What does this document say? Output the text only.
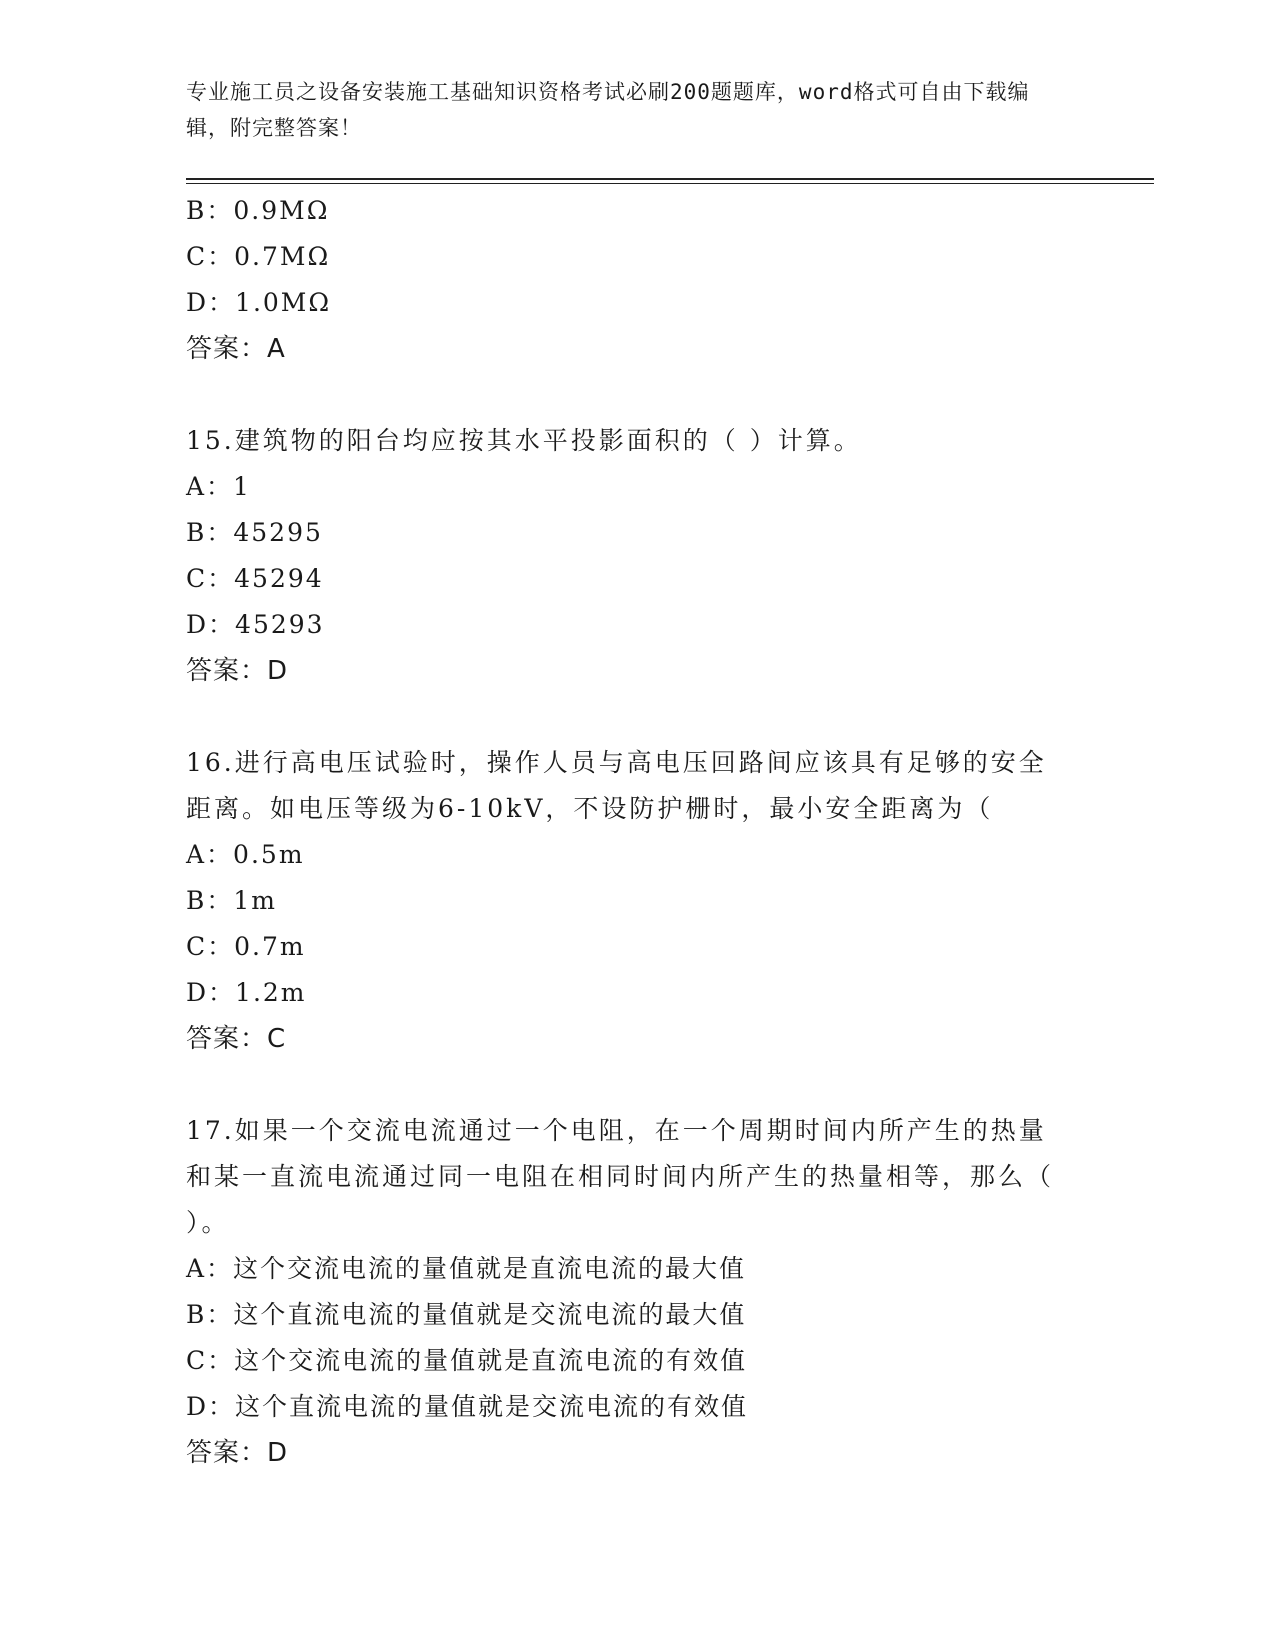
专业施工员之设备安装施工基础知识资格考试必刷200题题库，word格式可自由下载编辑，附完整答案！
B：0.9MΩ
C：0.7MΩ
D：1.0MΩ
答案：A
15.建筑物的阳台均应按其水平投影面积的（ ）计算。
A：1
B：45295
C：45294
D：45293
答案：D
16.进行高电压试验时，操作人员与高电压回路间应该具有足够的安全距离。如电压等级为6-10kV，不设防护栅时，最小安全距离为（
A：0.5m
B：1m
C：0.7m
D：1.2m
答案：C
17.如果一个交流电流通过一个电阻，在一个周期时间内所产生的热量和某一直流电流通过同一电阻在相同时间内所产生的热量相等，那么（ ）。
A：这个交流电流的量值就是直流电流的最大值
B：这个直流电流的量值就是交流电流的最大值
C：这个交流电流的量值就是直流电流的有效值
D：这个直流电流的量值就是交流电流的有效值
答案：D
